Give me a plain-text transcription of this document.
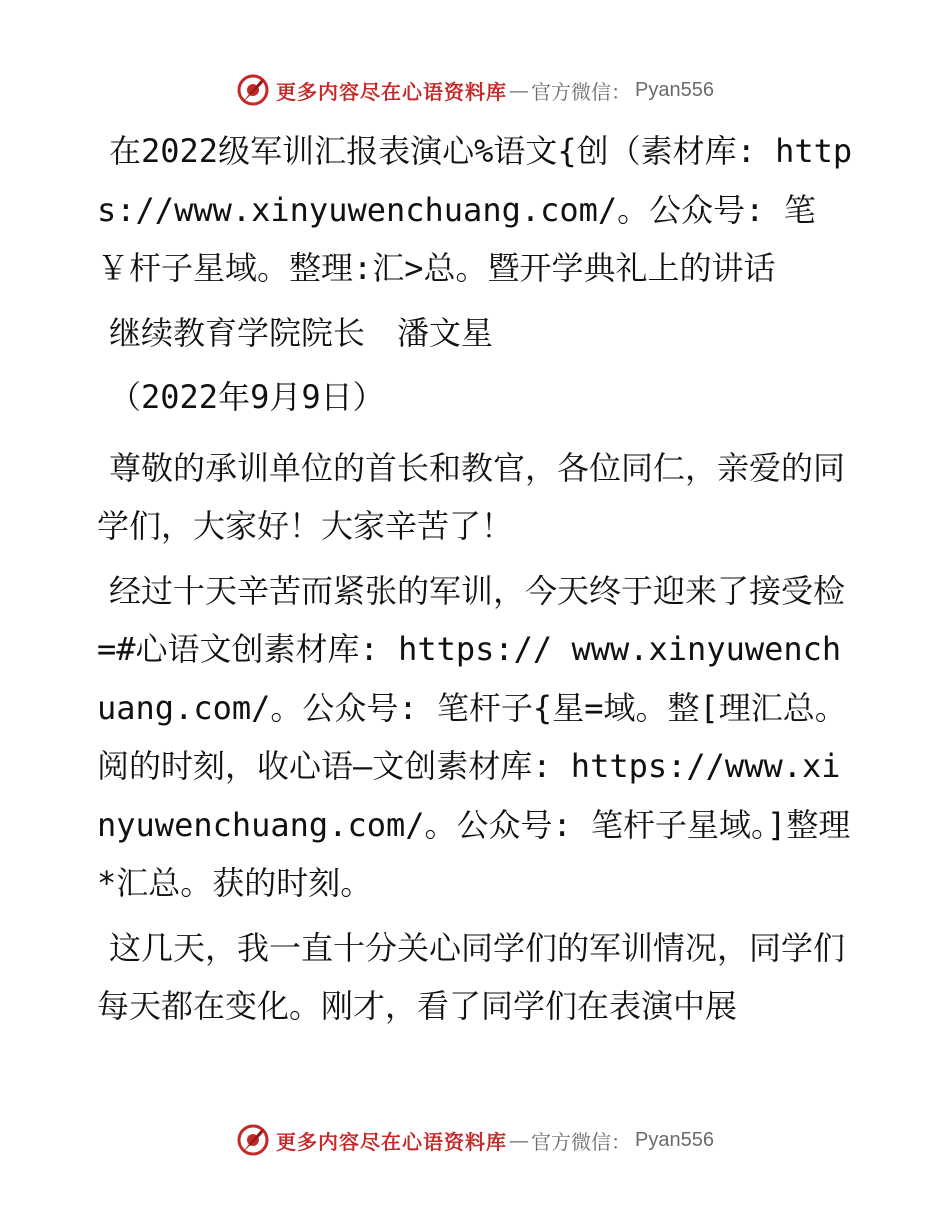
更多内容尽在心语资料库 — 官方微信： Pyan556

在2022级军训汇报表演心%语文{创（素材库: https://www.xinyuwenchuang.com/。公众号: 笔￥杆子星域。整理:汇>总。暨开学典礼上的讲话

继续教育学院院长　潘文星

（2022年9月9日）

尊敬的承训单位的首长和教官，各位同仁，亲爱的同学们，大家好！大家辛苦了！

经过十天辛苦而紧张的军训，今天终于迎来了接受检=#心语文创素材库: https:// www.xinyuwenchuang.com/。公众号: 笔杆子{星=域。整[理汇总。阅的时刻，收心语—文创素材库: https://www.xinyuwenchuang.com/。公众号: 笔杆子星域。]整理*汇总。获的时刻。

这几天，我一直十分关心同学们的军训情况，同学们每天都在变化。刚才，看了同学们在表演中展

更多内容尽在心语资料库 — 官方微信： Pyan556
